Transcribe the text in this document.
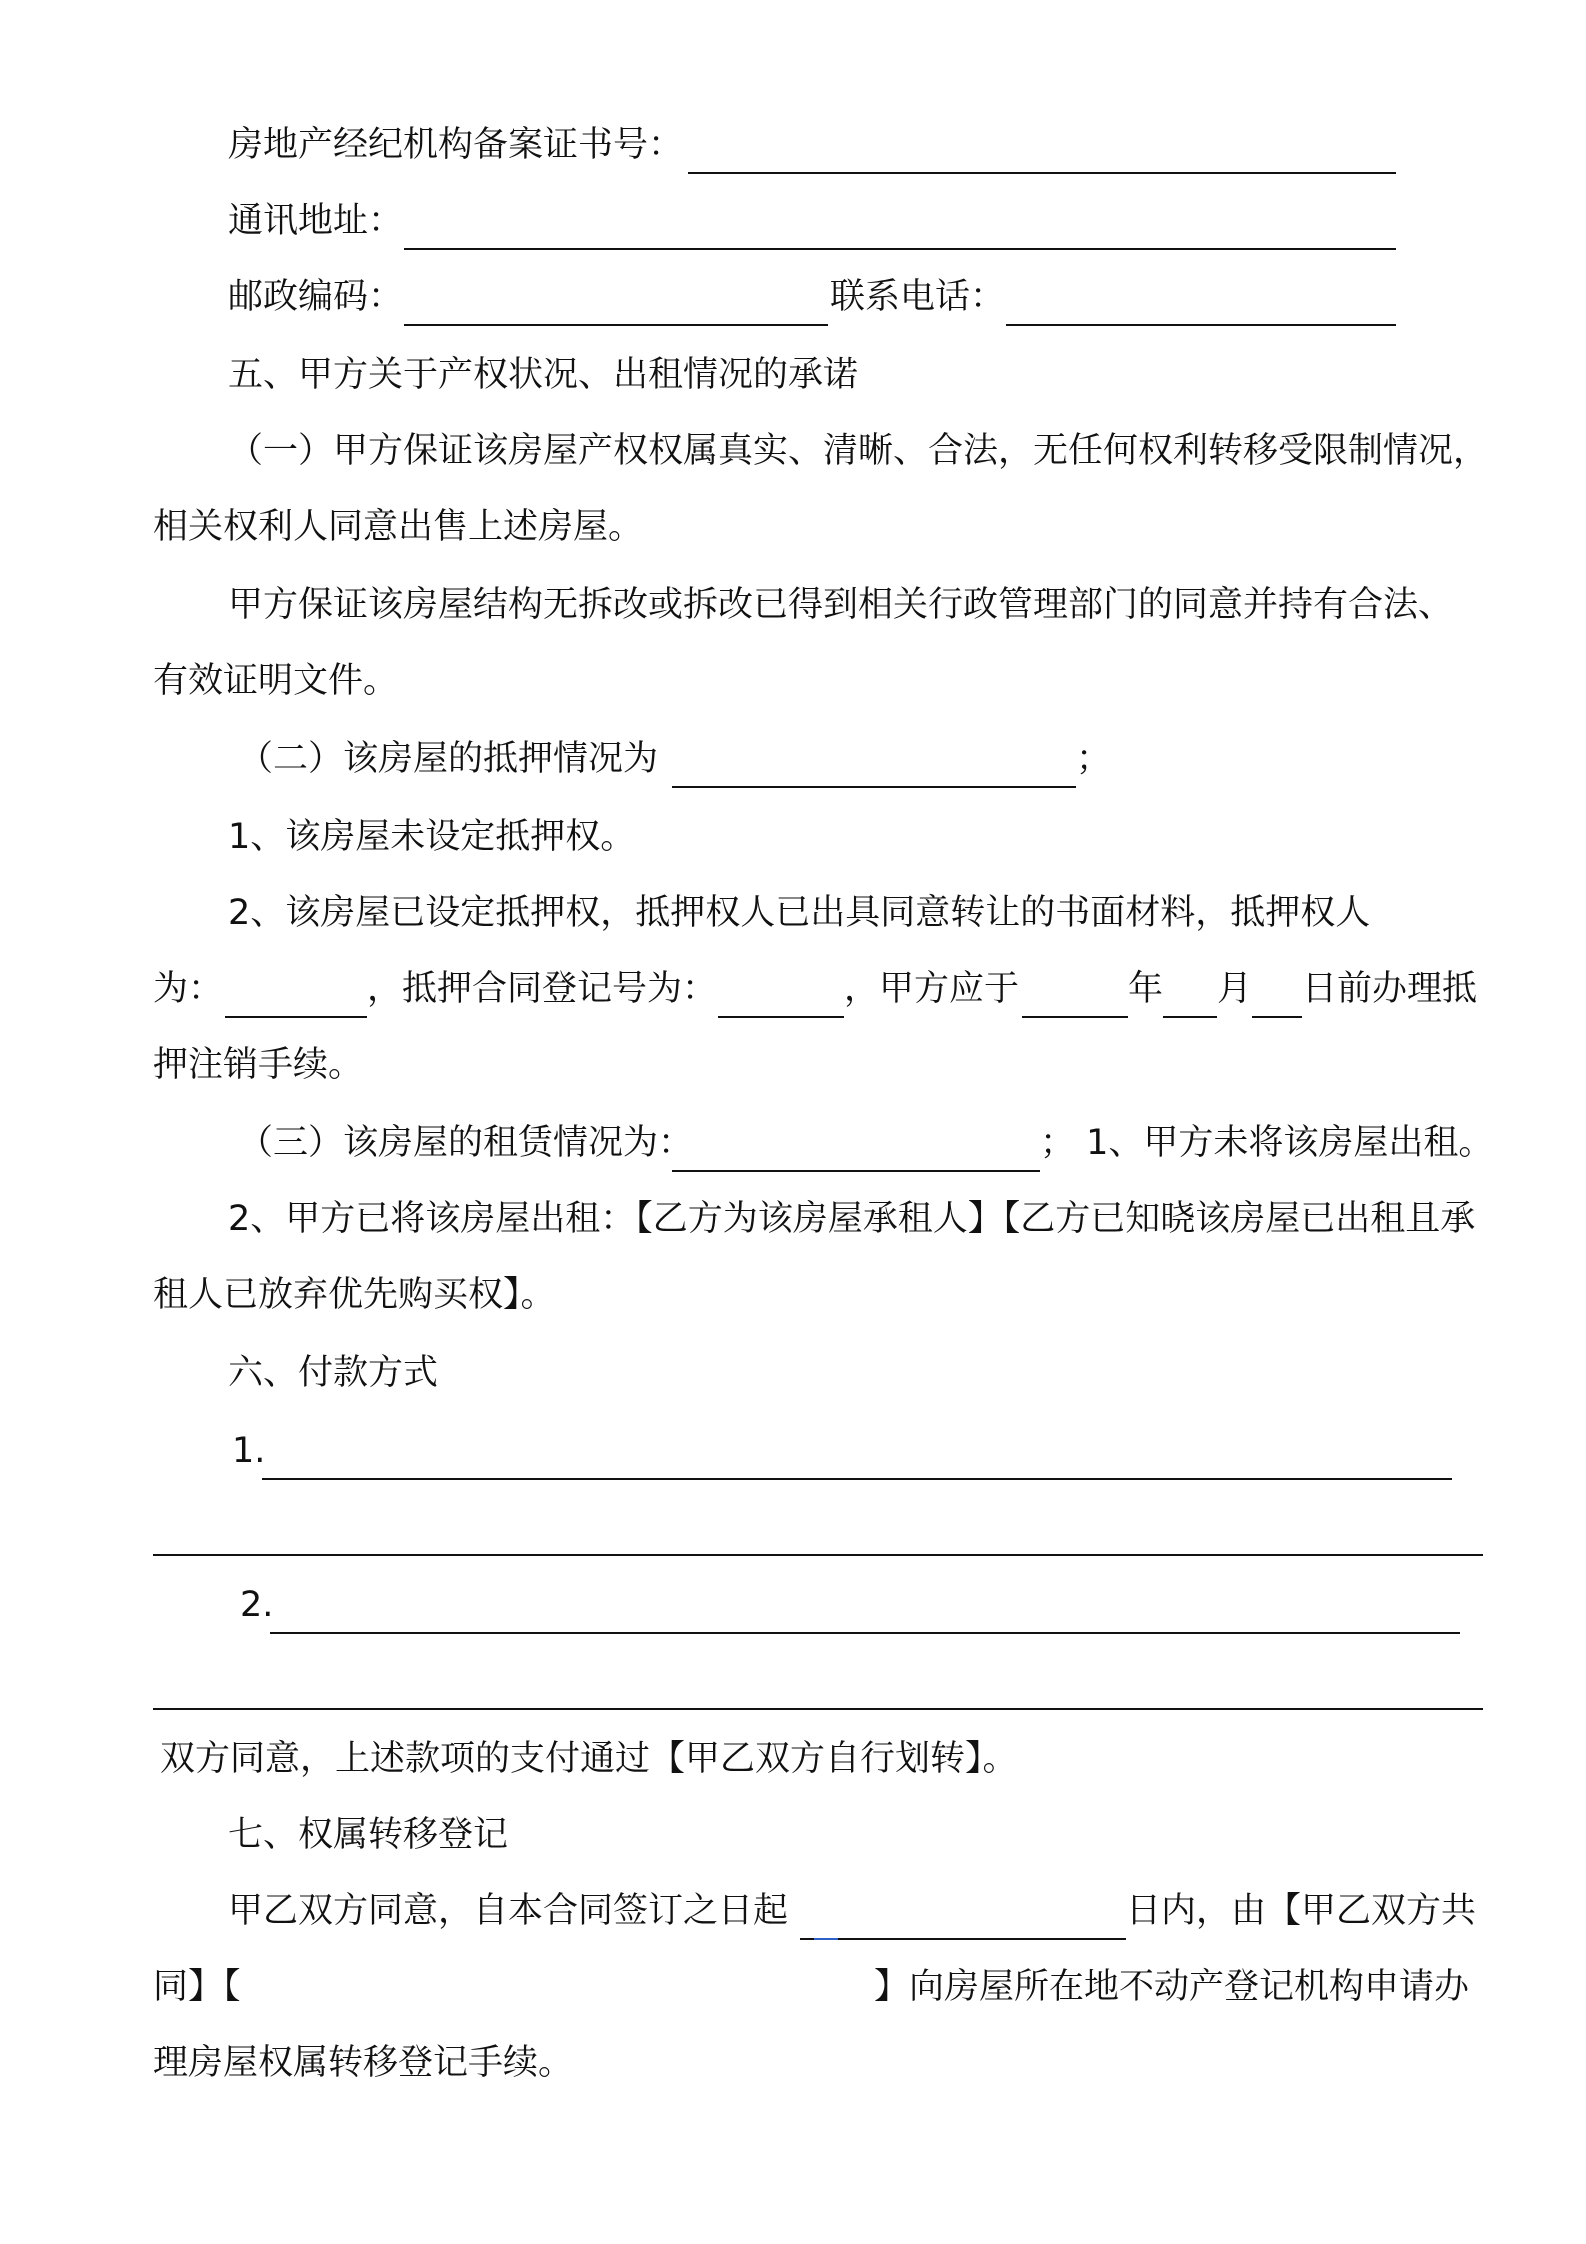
房地产经纪机构备案证书号：
通讯地址：
邮政编码：	联系电话：
五、甲方关于产权状况、出租情况的承诺
（一）甲方保证该房屋产权权属真实、清晰、合法，无任何权利转移受限制情况，
相关权利人同意出售上述房屋。
甲方保证该房屋结构无拆改或拆改已得到相关行政管理部门的同意并持有合法、
有效证明文件。
（二）该房屋的抵押情况为	；
1、该房屋未设定抵押权。
2、该房屋已设定抵押权，抵押权人已出具同意转让的书面材料，抵押权人
为：	，抵押合同登记号为：	，甲方应于	年 月 日前办理抵
押注销手续。
（三）该房屋的租赁情况为：	； 1、甲方未将该房屋出租。
2、甲方已将该房屋出租：【乙方为该房屋承租人】【乙方已知晓该房屋已出租且承
租人已放弃优先购买权】。
六、付款方式
1.
2.
双方同意，上述款项的支付通过【甲乙双方自行划转】。
七、权属转移登记
甲乙双方同意，自本合同签订之日起	日内，由【甲乙双方共
同】【	】向房屋所在地不动产登记机构申请办
理房屋权属转移登记手续。
